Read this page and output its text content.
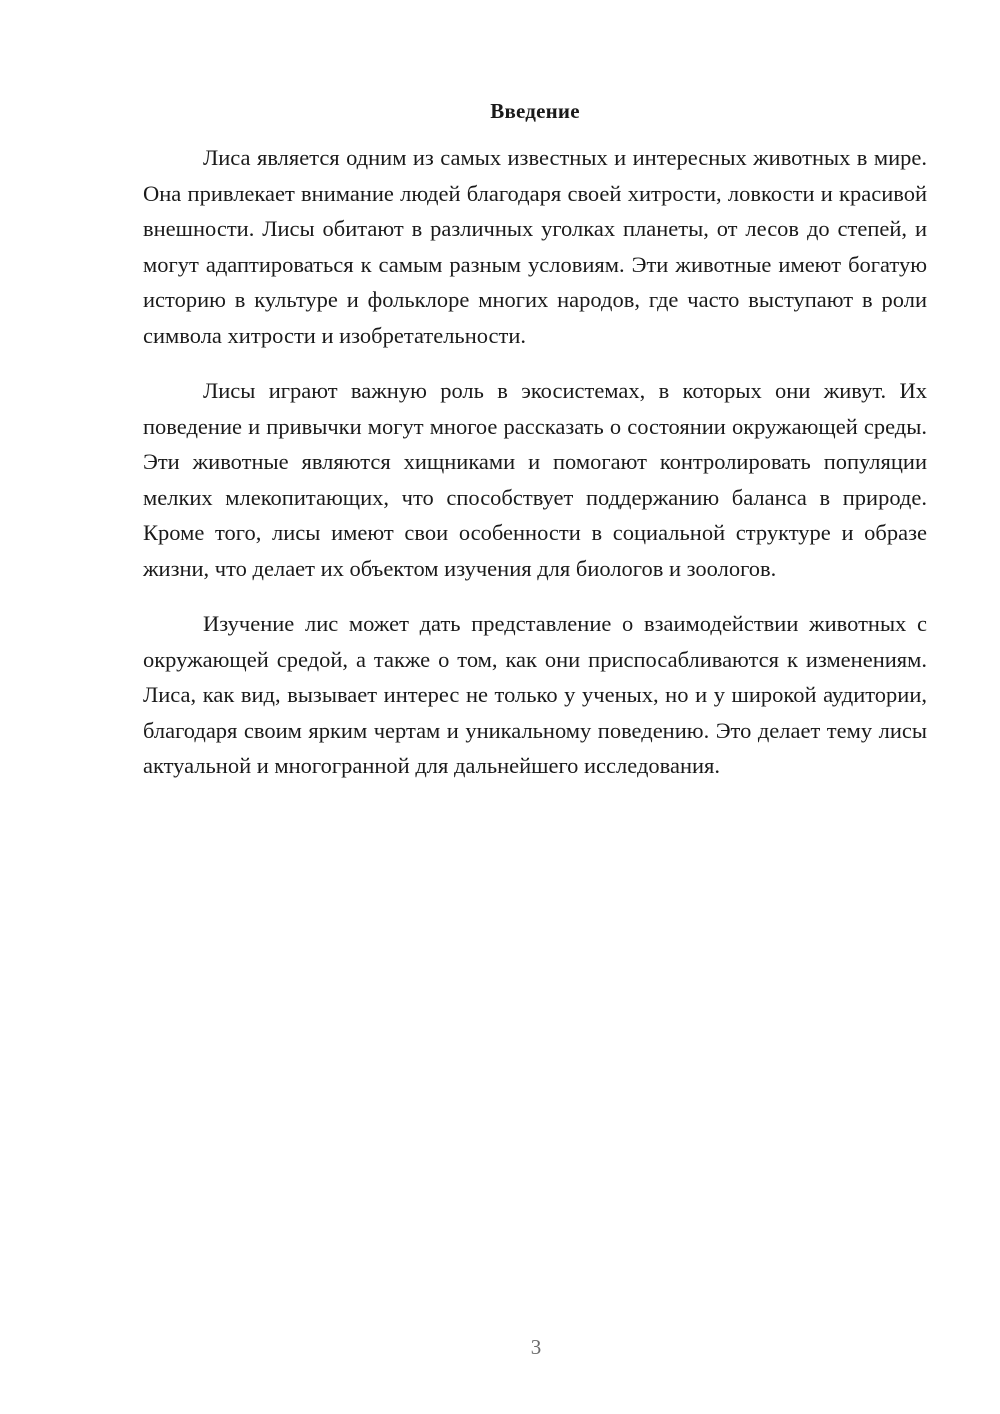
Введение

Лиса является одним из самых известных и интересных животных в мире. Она привлекает внимание людей благодаря своей хитрости, ловкости и красивой внешности. Лисы обитают в различных уголках планеты, от лесов до степей, и могут адаптироваться к самым разным условиям. Эти животные имеют богатую историю в культуре и фольклоре многих народов, где часто выступают в роли символа хитрости и изобретательности.

Лисы играют важную роль в экосистемах, в которых они живут. Их поведение и привычки могут многое рассказать о состоянии окружающей среды. Эти животные являются хищниками и помогают контролировать популяции мелких млекопитающих, что способствует поддержанию баланса в природе. Кроме того, лисы имеют свои особенности в социальной структуре и образе жизни, что делает их объектом изучения для биологов и зоологов.

Изучение лис может дать представление о взаимодействии животных с окружающей средой, а также о том, как они приспосабливаются к изменениям. Лиса, как вид, вызывает интерес не только у ученых, но и у широкой аудитории, благодаря своим ярким чертам и уникальному поведению. Это делает тему лисы актуальной и многогранной для дальнейшего исследования.

3
